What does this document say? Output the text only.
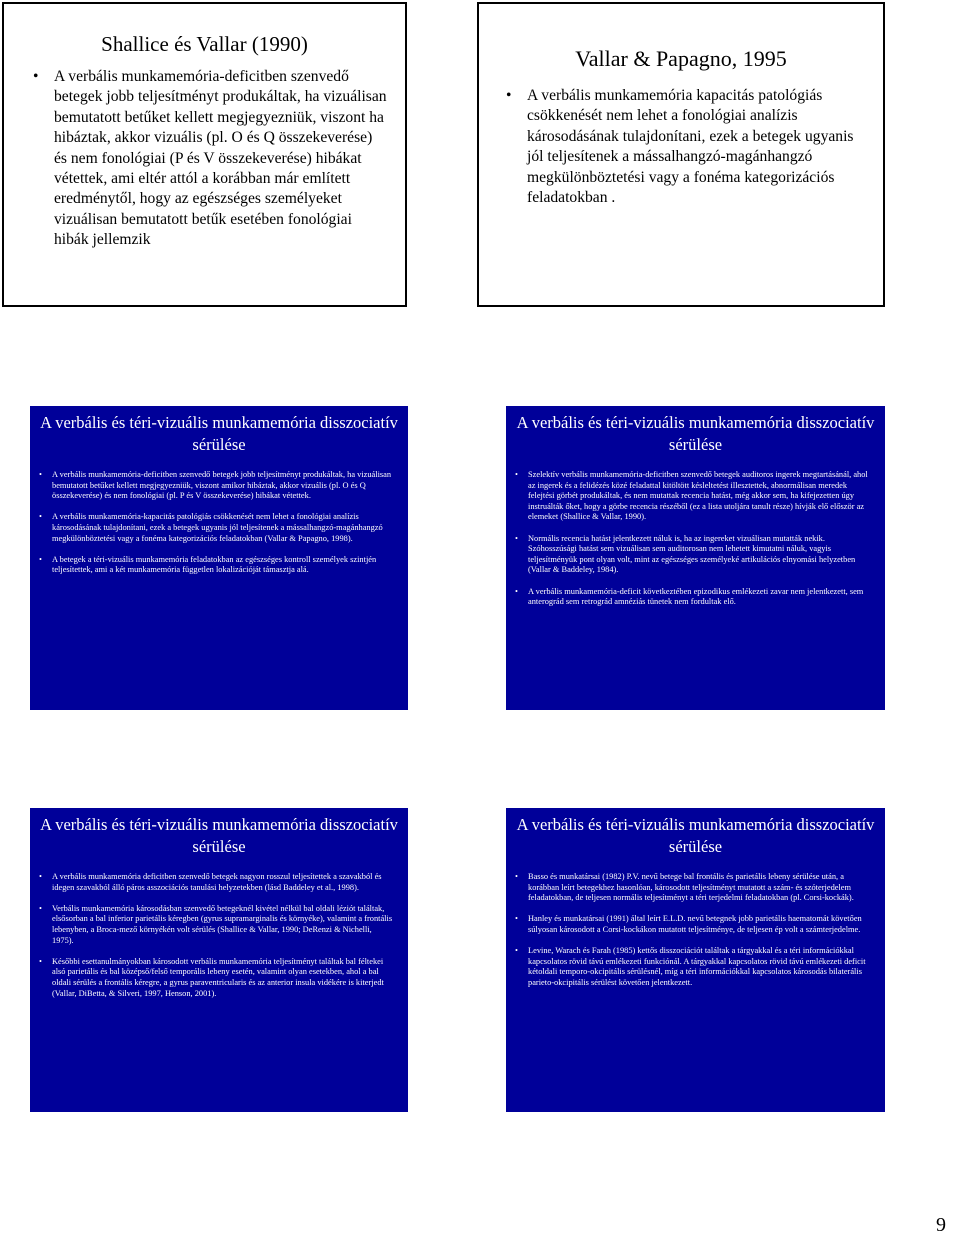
Shallice és Vallar (1990)
• A verbális munkamemória-deficitben szenvedő betegek jobb teljesítményt produkáltak, ha vizuálisan bemutatott betűket kellett megjegyezniük, viszont ha hibáztak, akkor vizuális (pl. O és Q összekeverése) és nem fonológiai (P és V összekeverése) hibákat vétettek, ami eltér attól a korábban már említett eredménytől, hogy az egészséges személyeket vizuálisan bemutatott betűk esetében fonológiai hibák jellemzik
Vallar & Papagno, 1995
• A verbális munkamemória kapacitás patológiás csökkenését nem lehet a fonológiai analízis károsodásának tulajdonítani, ezek a betegek ugyanis jól teljesítenek a mássalhangzó-magánhangzó megkülönböztetési vagy a fonéma kategorizációs feladatokban .
A verbális és téri-vizuális munkamemória disszociatív sérülése
• A verbális munkamemória-deficitben szenvedő betegek jobb teljesítményt produkáltak, ha vizuálisan bemutatott betűket kellett megjegyezniük, viszont amikor hibáztak, akkor vizuális (pl. O és Q összekeverése) és nem fonológiai (pl. P és V összekeverése) hibákat vétettek.
• A verbális munkamemória-kapacitás patológiás csökkenését nem lehet a fonológiai analízis károsodásának tulajdonítani, ezek a betegek ugyanis jól teljesítenek a mássalhangzó-magánhangzó megkülönböztetési vagy a fonéma kategorizációs feladatokban (Vallar & Papagno, 1998).
• A betegek a téri-vizuális munkamemória feladatokban az egészséges kontroll személyek szintjén teljesítettek, ami a két munkamemória független lokalizációját támasztja alá.
A verbális és téri-vizuális munkamemória disszociatív sérülése
• Szelektív verbális munkamemória-deficitben szenvedő betegek auditoros ingerek megtartásánál, ahol az ingerek és a felidézés közé feladattal kitöltött késleltetést illesztettek, abnormálisan meredek felejtési görbét produkáltak, és nem mutattak recencia hatást, még akkor sem, ha kifejezetten úgy instruálták őket, hogy a görbe recencia részéből (ez a lista utoljára tanult része) hívják elő először az elemeket (Shallice & Vallar, 1990).
• Normális recencia hatást jelentkezett náluk is, ha az ingereket vizuálisan mutatták nekik. Szóhosszúsági hatást sem vizuálisan sem auditorosan nem lehetett kimutatni náluk, vagyis teljesítményük pont olyan volt, mint az egészséges személyeké artikulációs elnyomási helyzetben (Vallar & Baddeley, 1984).
• A verbális munkamemória-deficit következtében epizodikus emlékezeti zavar nem jelentkezett, sem anterográd sem retrográd amnéziás tünetek nem fordultak elő.
A verbális és téri-vizuális munkamemória disszociatív sérülése
• A verbális munkamemória deficitben szenvedő betegek nagyon rosszul teljesítettek a szavakból és idegen szavakból álló páros asszociációs tanulási helyzetekben (lásd Baddeley et al., 1998).
• Verbális munkamemória károsodásban szenvedő betegeknél kivétel nélkül bal oldali léziót találtak, elsősorban a bal inferior parietális kéregben (gyrus supramarginalis és környéke), valamint a frontális lebenyben, a Broca-mező környékén volt sérülés (Shallice & Vallar, 1990; DeRenzi & Nichelli, 1975).
• Későbbi esettanulmányokban károsodott verbális munkamemória teljesítményt találtak bal féltekei alsó parietális és bal középső/felső temporális lebeny esetén, valamint olyan esetekben, ahol a bal oldali sérülés a frontális kéregre, a gyrus paraventricularis és az anterior insula vidékére is kiterjedt (Vallar, DiBetta, & Silveri, 1997, Henson, 2001).
A verbális és téri-vizuális munkamemória disszociatív sérülése
• Basso és munkatársai (1982) P.V. nevű betege bal frontális és parietális lebeny sérülése után, a korábban leírt betegekhez hasonlóan, károsodott teljesítményt mutatott a szám- és szóterjedelem feladatokban, de teljesen normális teljesítményt a téri terjedelmi feladatokban (pl. Corsi-kockák).
• Hanley és munkatársai (1991) által leírt E.L.D. nevű betegnek jobb parietális haematomát követően súlyosan károsodott a Corsi-kockákon mutatott teljesítménye, de teljesen ép volt a számterjedelme.
• Levine, Warach és Farah (1985) kettős disszociációt találtak a tárgyakkal és a téri információkkal kapcsolatos rövid távú emlékezeti funkciónál. A tárgyakkal kapcsolatos rövid távú emlékezeti deficit kétoldali temporo-okcipitális sérülésnél, míg a téri információkkal kapcsolatos károsodás bilaterális parieto-okcipitális sérülést követően jelentkezett.
9
